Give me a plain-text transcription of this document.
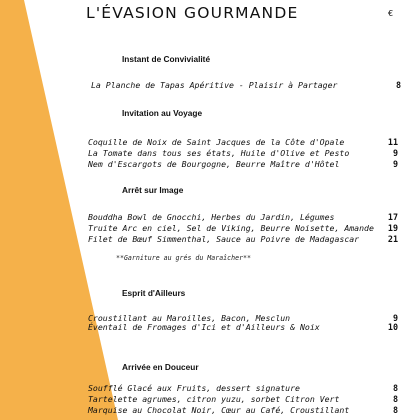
L'ÉVASION GOURMANDE	€
Instant de Convivialité
La Planche de Tapas Apéritive - Plaisir à Partager	8
Invitation au Voyage
Coquille de Noix de Saint Jacques de la Côte d'Opale	11
La Tomate dans tous ses états, Huile d'Olive et Pesto	9
Nem d'Escargots de Bourgogne, Beurre Maître d'Hôtel	9
Arrêt sur Image
Bouddha Bowl de Gnocchi, Herbes du Jardin, Légumes	17
Truite Arc en ciel, Sel de Viking, Beurre Noisette, Amande 19
Filet de Bœuf Simmenthal, Sauce au Poivre de Madagascar	21
**Garniture au grés du Maraîcher**
Esprit d'Ailleurs
Croustillant au Maroilles, Bacon, Mesclun	9
Éventail de Fromages d'Ici et d'Ailleurs & Noix	10
Arrivée en Douceur
Soufflé Glacé aux Fruits, dessert signature	8
Tartelette agrumes, citron yuzu, sorbet Citron Vert	8
Marquise au Chocolat Noir, Cœur au Café, Croustillant	8
